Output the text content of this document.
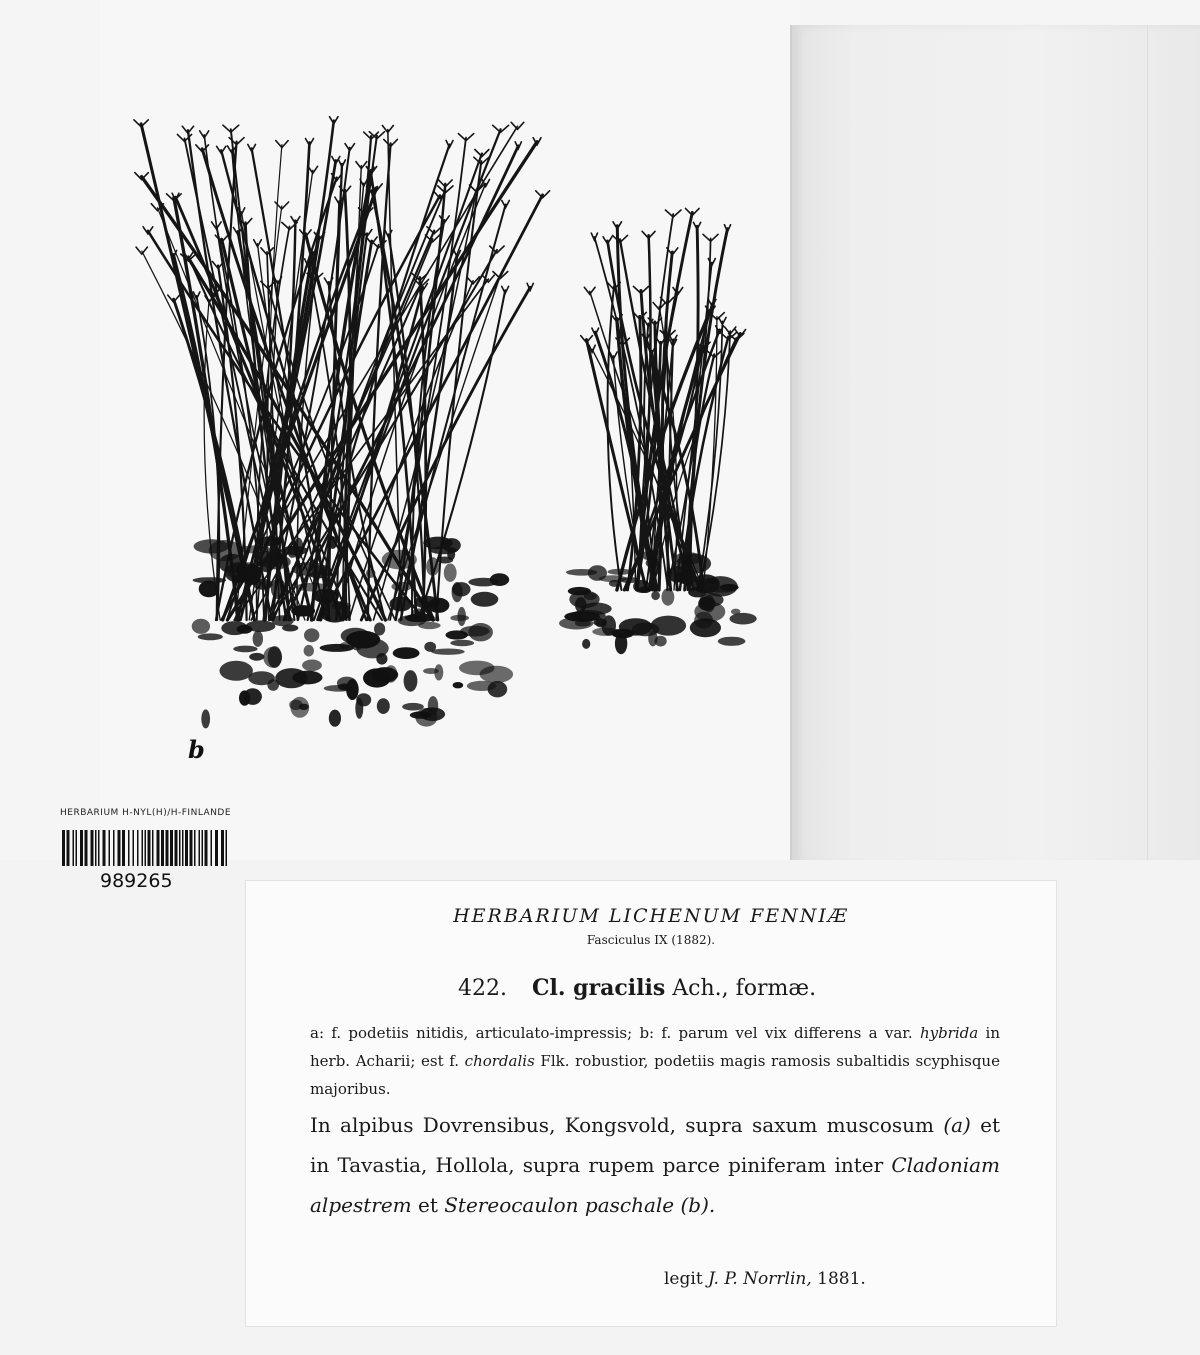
b
HERBARIUM H-NYL(H)/H-FINLANDE
989265
HERBARIUM LICHENUM FENNIÆ
Fasciculus IX (1882).
422. Cl. gracilis Ach., formæ.
a: f. podetiis nitidis, articulato-impressis; b: f. parum vel vix differens a var. hybrida in herb. Acharii; est f. chordalis Flk. robustior, podetiis magis ramosis subaltidis scyphisque majoribus.
In alpibus Dovrensibus, Kongsvold, supra saxum muscosum (a) et in Tavastia, Hollola, supra rupem parce piniferam inter Cladoniam alpestrem et Stereocaulon paschale (b).
legit J. P. Norrlin, 1881.
